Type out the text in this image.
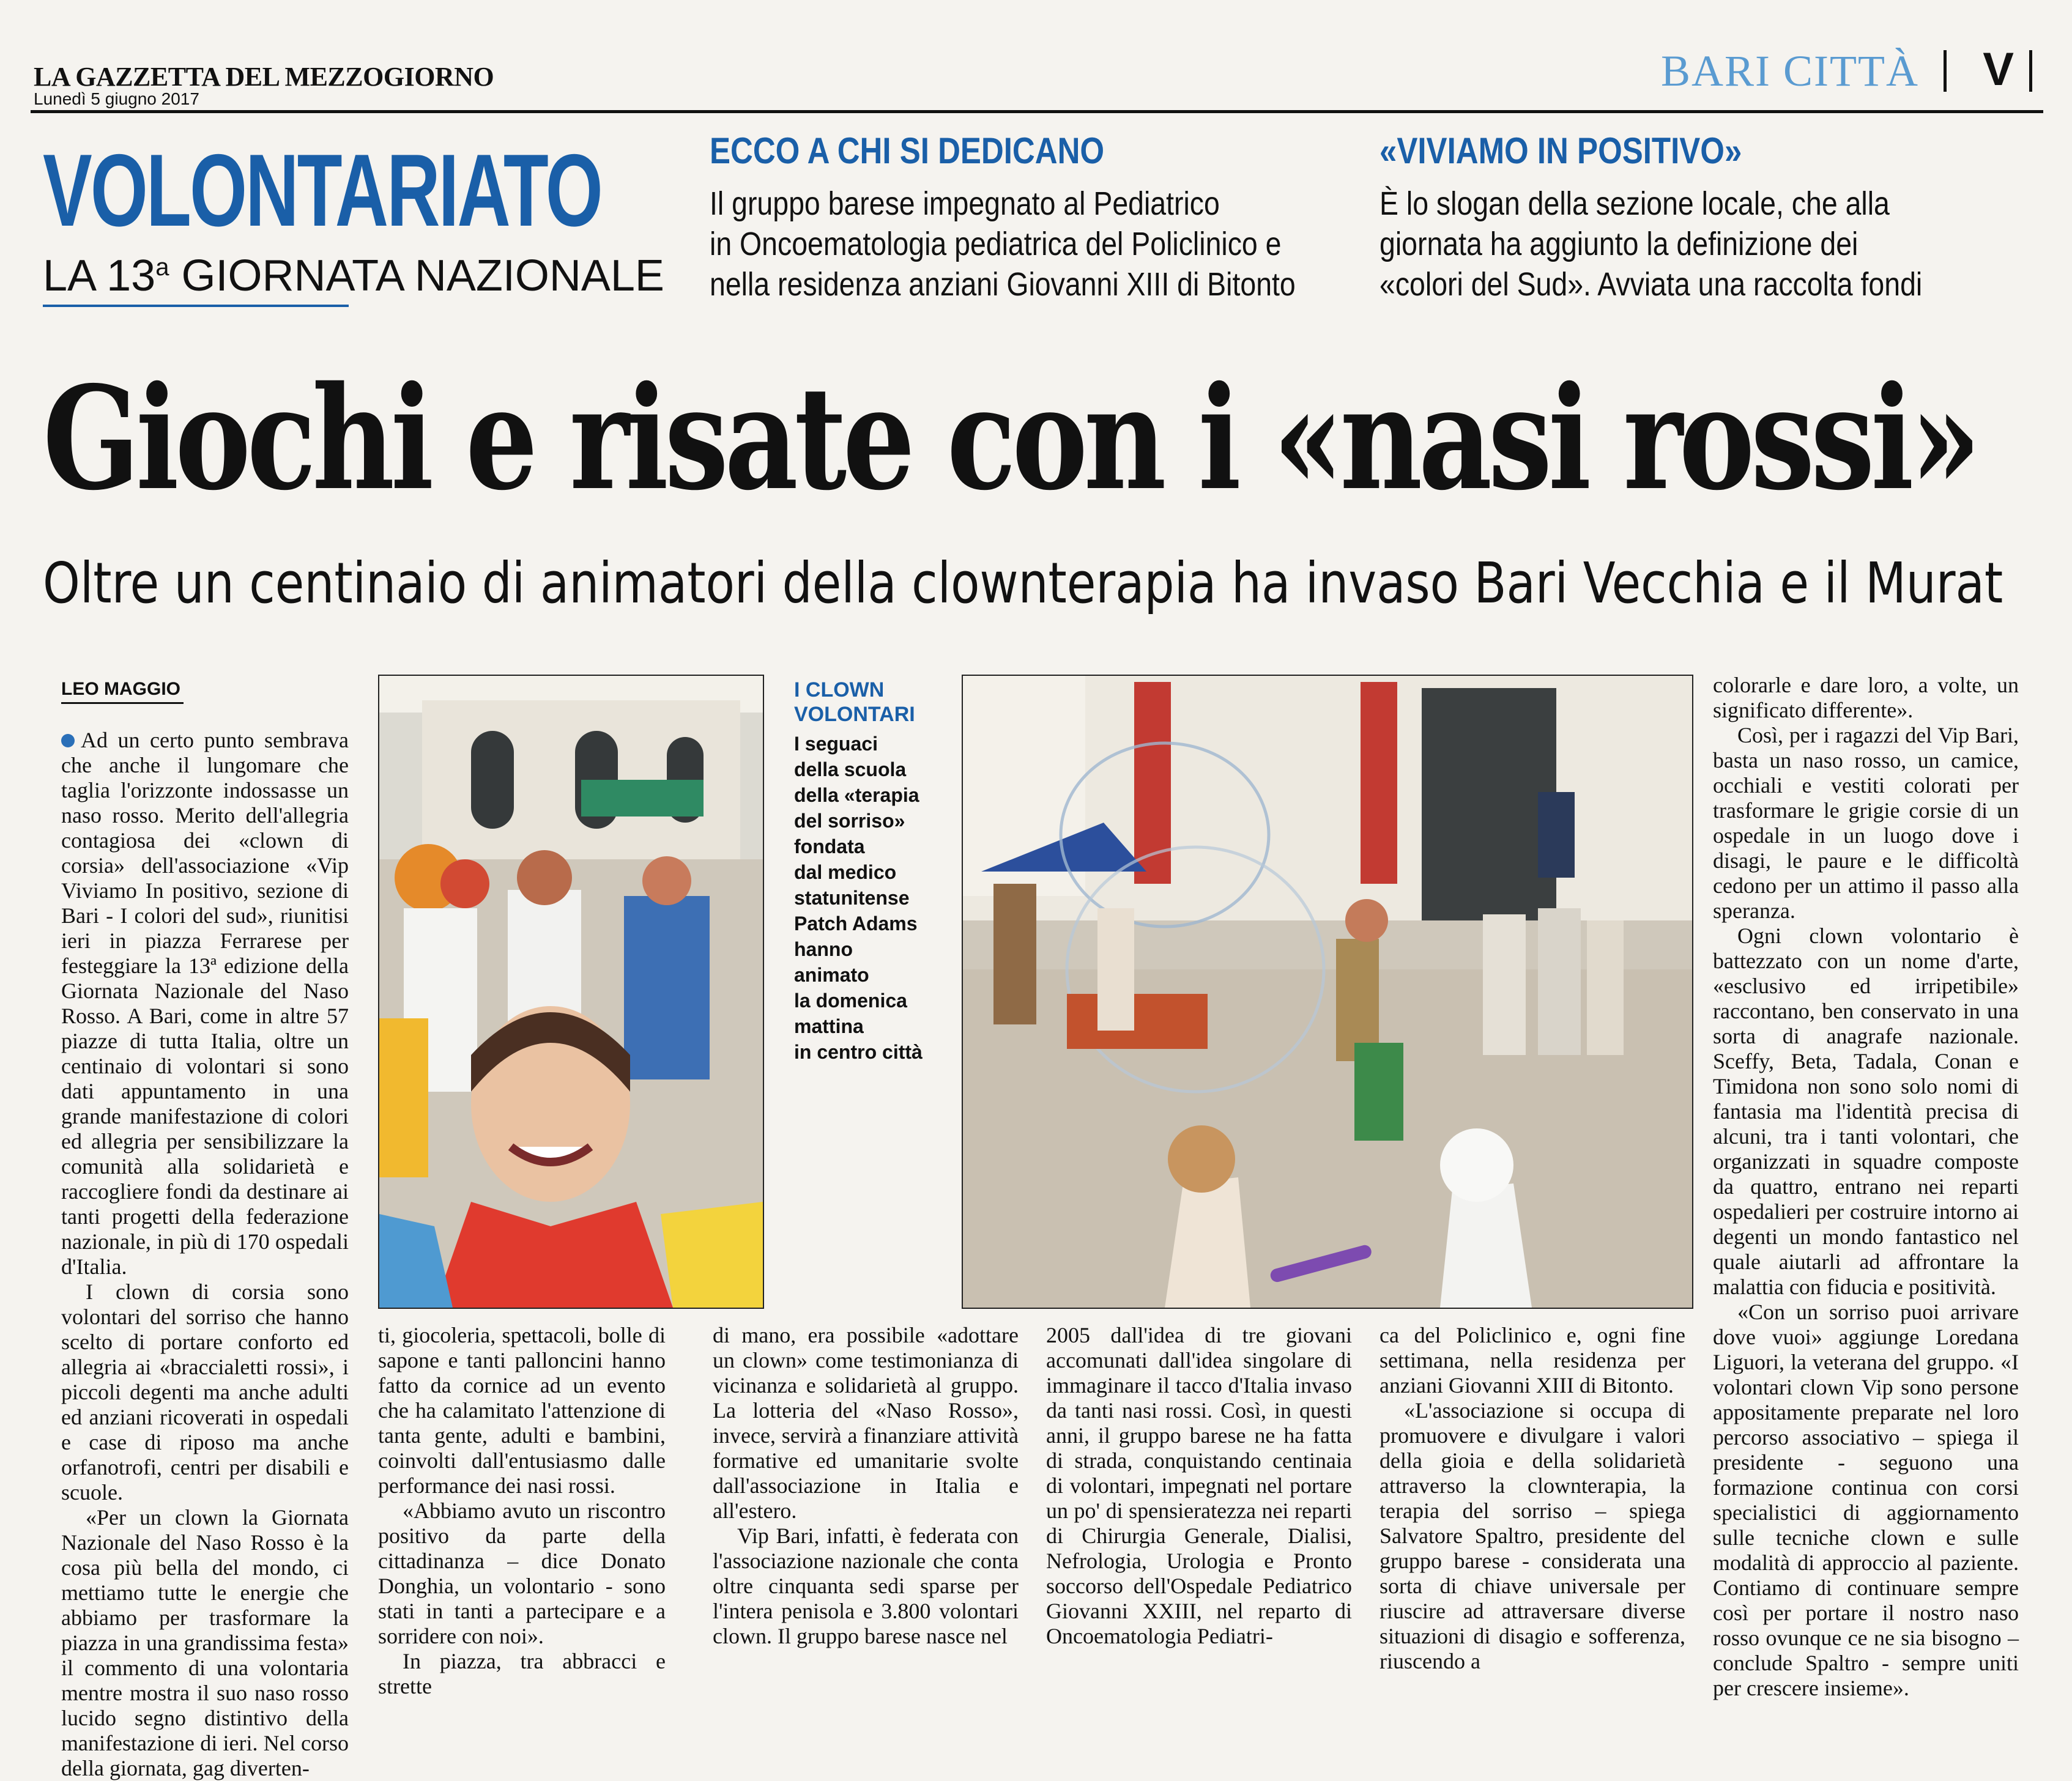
LA GAZZETTA DEL MEZZOGIORNO
Lunedì 5 giugno 2017
BARI CITTÀ V
VOLONTARIATO
LA 13$^a$ GIORNATA NAZIONALE
ECCO A CHI SI DEDICANO
Il gruppo barese impegnato al Pediatrico
in Oncoematologia pediatrica del Policlinico e
nella residenza anziani Giovanni XIII di Bitonto
«VIVIAMO IN POSITIVO»
È lo slogan della sezione locale, che alla
giornata ha aggiunto la definizione dei
«colori del Sud». Avviata una raccolta fondi
Giochi e risate con i «nasi rossi»
Oltre un centinaio di animatori della clownterapia ha invaso Bari Vecchia e il Murat
LEO MAGGIO

Ad un certo punto sembrava che anche il lungomare che taglia l'orizzonte indossasse un naso rosso. Merito dell'allegria contagiosa dei «clown di corsia» dell'associazione «Vip Viviamo In positivo, sezione di Bari - I colori del sud», riunitisi ieri in piazza Ferrarese per festeggiare la 13ª edizione della Giornata Nazionale del Naso Rosso. A Bari, come in altre 57 piazze di tutta Italia, oltre un centinaio di volontari si sono dati appuntamento in una grande manifestazione di colori ed allegria per sensibilizzare la comunità alla solidarietà e raccogliere fondi da destinare ai tanti progetti della federazione nazionale, in più di 170 ospedali d'Italia.

I clown di corsia sono volontari del sorriso che hanno scelto di portare conforto ed allegria ai «braccialetti rossi», i piccoli degenti ma anche adulti ed anziani ricoverati in ospedali e case di riposo ma anche orfanotrofi, centri per disabili e scuole.

«Per un clown la Giornata Nazionale del Naso Rosso è la cosa più bella del mondo, ci mettiamo tutte le energie che abbiamo per trasformare la piazza in una grandissima festa» il commento di una volontaria mentre mostra il suo naso rosso lucido segno distintivo della manifestazione di ieri. Nel corso della giornata, gag diverten-

I CLOWN
VOLONTARI
I seguaci
della scuola
della «terapia
del sorriso»
fondata
dal medico
statunitense
Patch Adams
hanno
animato
la domenica
mattina
in centro città

ti, giocoleria, spettacoli, bolle di sapone e tanti palloncini hanno fatto da cornice ad un evento che ha calamitato l'attenzione di tanta gente, adulti e bambini, coinvolti dall'entusiasmo dalle performance dei nasi rossi.

«Abbiamo avuto un riscontro positivo da parte della cittadinanza – dice Donato Donghia, un volontario - sono stati in tanti a partecipare e a sorridere con noi».

In piazza, tra abbracci e strette

di mano, era possibile «adottare un clown» come testimonianza di vicinanza e solidarietà al gruppo. La lotteria del «Naso Rosso», invece, servirà a finanziare attività formative ed umanitarie svolte dall'associazione in Italia e all'estero.

Vip Bari, infatti, è federata con l'associazione nazionale che conta oltre cinquanta sedi sparse per l'intera penisola e 3.800 volontari clown. Il gruppo barese nasce nel

2005 dall'idea di tre giovani accomunati dall'idea singolare di immaginare il tacco d'Italia invaso da tanti nasi rossi. Così, in questi anni, il gruppo barese ne ha fatta di strada, conquistando centinaia di volontari, impegnati nel portare un po' di spensieratezza nei reparti di Chirurgia Generale, Dialisi, Nefrologia, Urologia e Pronto soccorso dell'Ospedale Pediatrico Giovanni XXIII, nel reparto di Oncoematologia Pediatri-

ca del Policlinico e, ogni fine settimana, nella residenza per anziani Giovanni XIII di Bitonto.

«L'associazione si occupa di promuovere e divulgare i valori della gioia e della solidarietà attraverso la clownterapia, la terapia del sorriso – spiega Salvatore Spaltro, presidente del gruppo barese - considerata una sorta di chiave universale per riuscire ad attraversare diverse situazioni di disagio e sofferenza, riuscendo a

colorarle e dare loro, a volte, un significato differente».

Così, per i ragazzi del Vip Bari, basta un naso rosso, un camice, occhiali e vestiti colorati per trasformare le grigie corsie di un ospedale in un luogo dove i disagi, le paure e le difficoltà cedono per un attimo il passo alla speranza.

Ogni clown volontario è battezzato con un nome d'arte, «esclusivo ed irripetibile» raccontano, ben conservato in una sorta di anagrafe nazionale. Sceffy, Beta, Tadala, Conan e Timidona non sono solo nomi di fantasia ma l'identità precisa di alcuni, tra i tanti volontari, che organizzati in squadre composte da quattro, entrano nei reparti ospedalieri per costruire intorno ai degenti un mondo fantastico nel quale aiutarli ad affrontare la malattia con fiducia e positività.

«Con un sorriso puoi arrivare dove vuoi» aggiunge Loredana Liguori, la veterana del gruppo. «I volontari clown Vip sono persone appositamente preparate nel loro percorso associativo – spiega il presidente - seguono una formazione continua con corsi specialistici di aggiornamento sulle tecniche clown e sulle modalità di approccio al paziente. Contiamo di continuare sempre così per portare il nostro naso rosso ovunque ce ne sia bisogno – conclude Spaltro - sempre uniti per crescere insieme».
